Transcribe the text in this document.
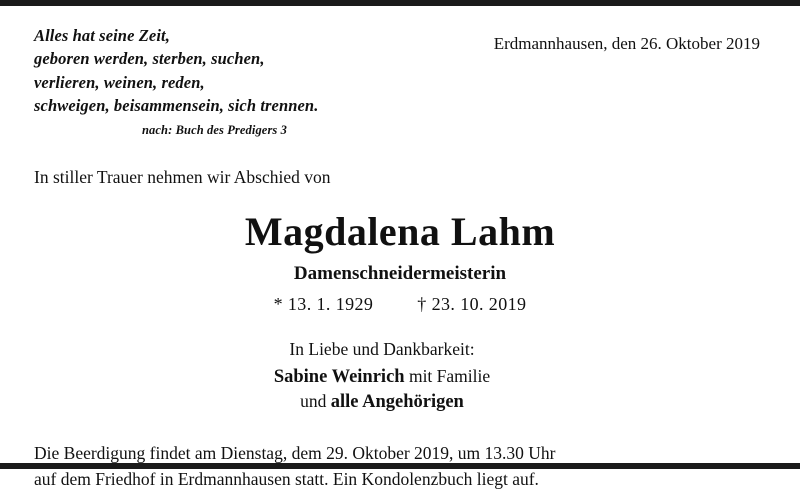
Alles hat seine Zeit,
geboren werden, sterben, suchen,
verlieren, weinen, reden,
schweigen, beisammensein, sich trennen.
nach: Buch des Predigers 3
Erdmannhausen, den 26. Oktober 2019
In stiller Trauer nehmen wir Abschied von
Magdalena Lahm
Damenschneidermeisterin
* 13. 1. 1929 † 23. 10. 2019
In Liebe und Dankbarkeit:
Sabine Weinrich mit Familie
und alle Angehörigen
Die Beerdigung findet am Dienstag, dem 29. Oktober 2019, um 13.30 Uhr
auf dem Friedhof in Erdmannhausen statt. Ein Kondolenzbuch liegt auf.
